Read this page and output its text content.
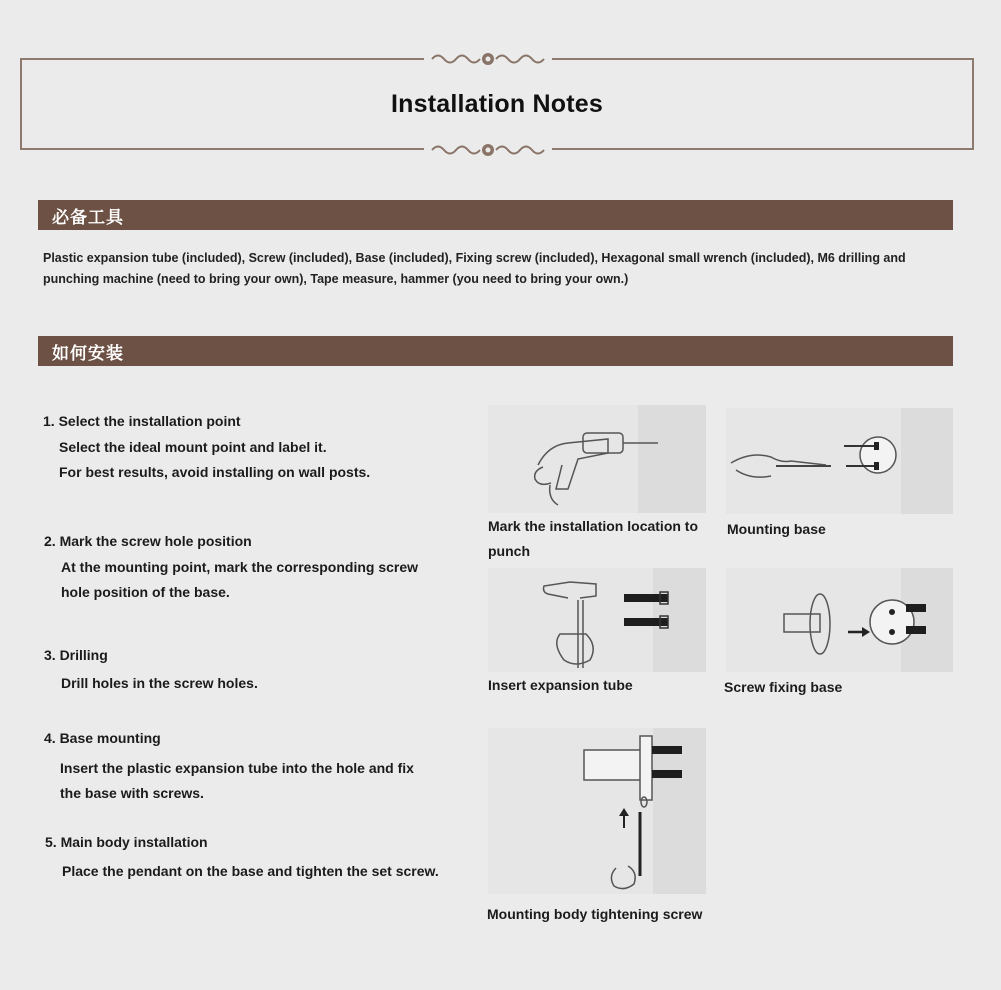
Installation Notes
必备工具
Plastic expansion tube (included), Screw (included), Base (included), Fixing screw (included), Hexagonal small wrench (included), M6 drilling and punching machine (need to bring your own), Tape measure, hammer (you need to bring your own.)
如何安装
1. Select the installation point
Select the ideal mount point and label it.
For best results, avoid installing on wall posts.
2. Mark the screw hole position
At the mounting point, mark the corresponding screw
hole position of the base.
3. Drilling
Drill holes in the screw holes.
4. Base mounting
Insert the plastic expansion tube into the hole and fix
the base with screws.
5. Main body installation
Place the pendant on the base and tighten the set screw.
Mark the installation location to
punch
Mounting base
Insert expansion tube	Screw fixing base
Mounting body tightening screw
